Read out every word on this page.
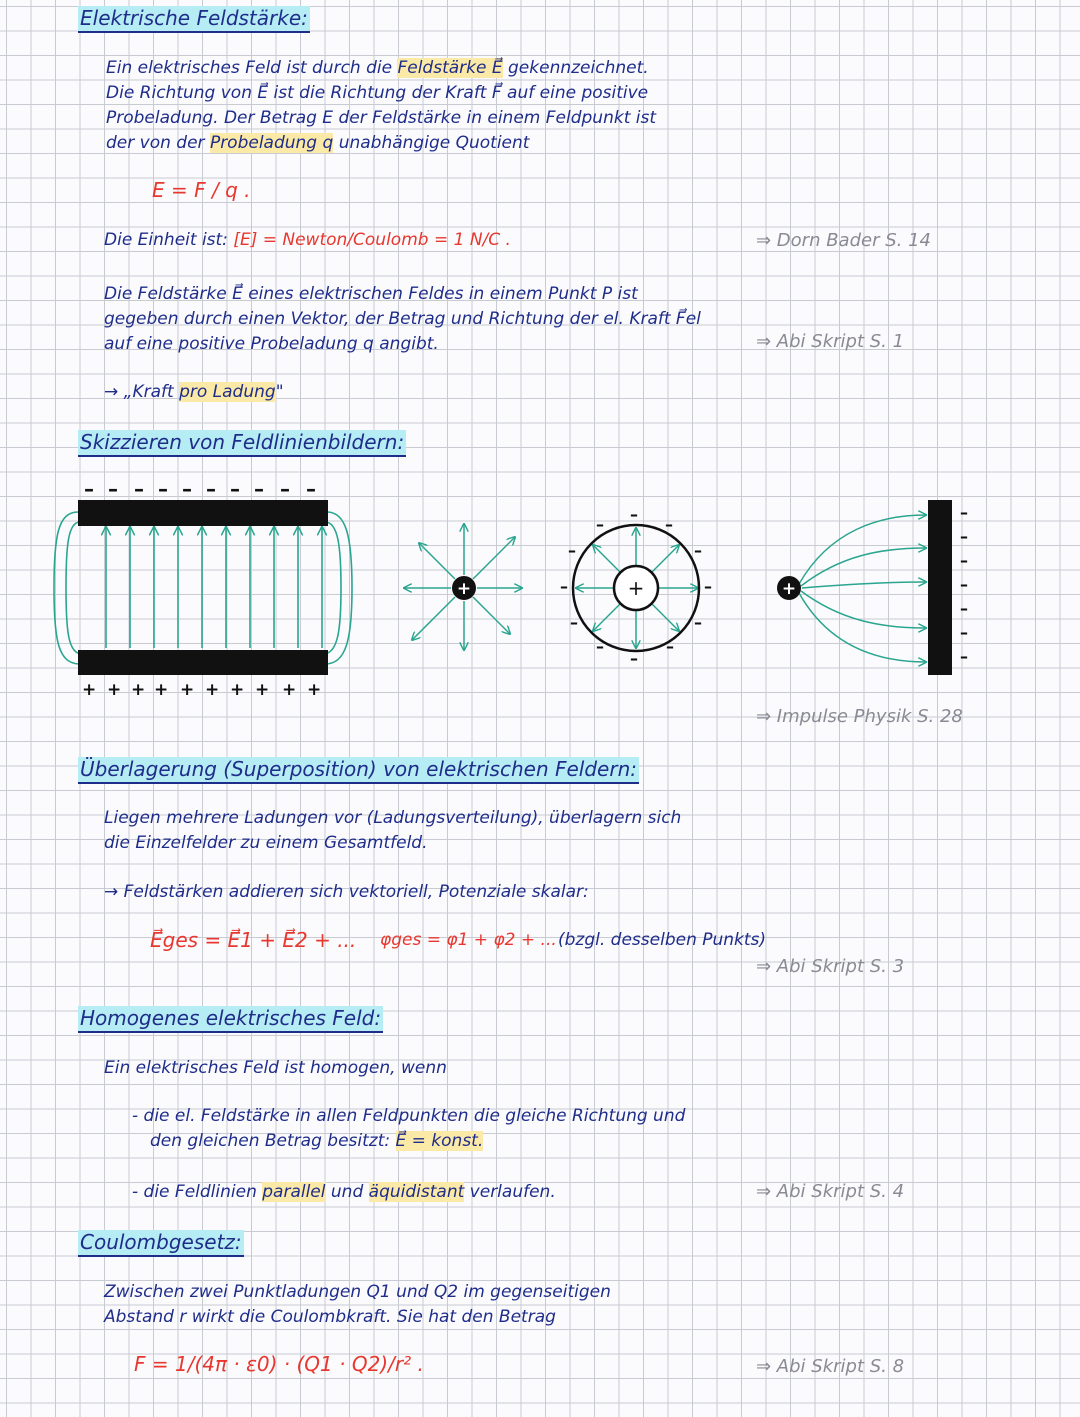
Elektrische Feldstärke:
Ein elektrisches Feld ist durch die Feldstärke E⃗ gekennzeichnet.
Die Richtung von E⃗ ist die Richtung der Kraft F⃗ auf eine positive
Probeladung. Der Betrag E der Feldstärke in einem Feldpunkt ist
der von der Probeladung q unabhängige Quotient
E = F / q .
Die Einheit ist: [E] = Newton/Coulomb = 1 N/C .	⇒ Dorn Bader S. 14
Die Feldstärke E⃗ eines elektrischen Feldes in einem Punkt P ist
gegeben durch einen Vektor, der Betrag und Richtung der el. Kraft F⃗el
auf eine positive Probeladung q angibt.	⇒ Abi Skript S. 1
→ „Kraft pro Ladung"
Skizzieren von Feldlinienbildern:
– – – – – – – – – –
+ + + + + + + + + +
+	+
–
–	–
–	–
–	–
–	–
–	–
–
+
–
–
–
–
–
–
–
⇒ Impulse Physik S. 28
Überlagerung (Superposition) von elektrischen Feldern:
Liegen mehrere Ladungen vor (Ladungsverteilung), überlagern sich
die Einzelfelder zu einem Gesamtfeld.
→ Feldstärken addieren sich vektoriell, Potenziale skalar:
E⃗ges = E⃗1 + E⃗2 + ... φges = φ1 + φ2 + ... (bzgl. desselben Punkts)
⇒ Abi Skript S. 3
Homogenes elektrisches Feld:
Ein elektrisches Feld ist homogen, wenn
- die el. Feldstärke in allen Feldpunkten die gleiche Richtung und
den gleichen Betrag besitzt: E⃗ = konst.
- die Feldlinien parallel und äquidistant verlaufen.	⇒ Abi Skript S. 4
Coulombgesetz:
Zwischen zwei Punktladungen Q1 und Q2 im gegenseitigen
Abstand r wirkt die Coulombkraft. Sie hat den Betrag
F = 1/(4π · ε0) · (Q1 · Q2)/r² .	⇒ Abi Skript S. 8
